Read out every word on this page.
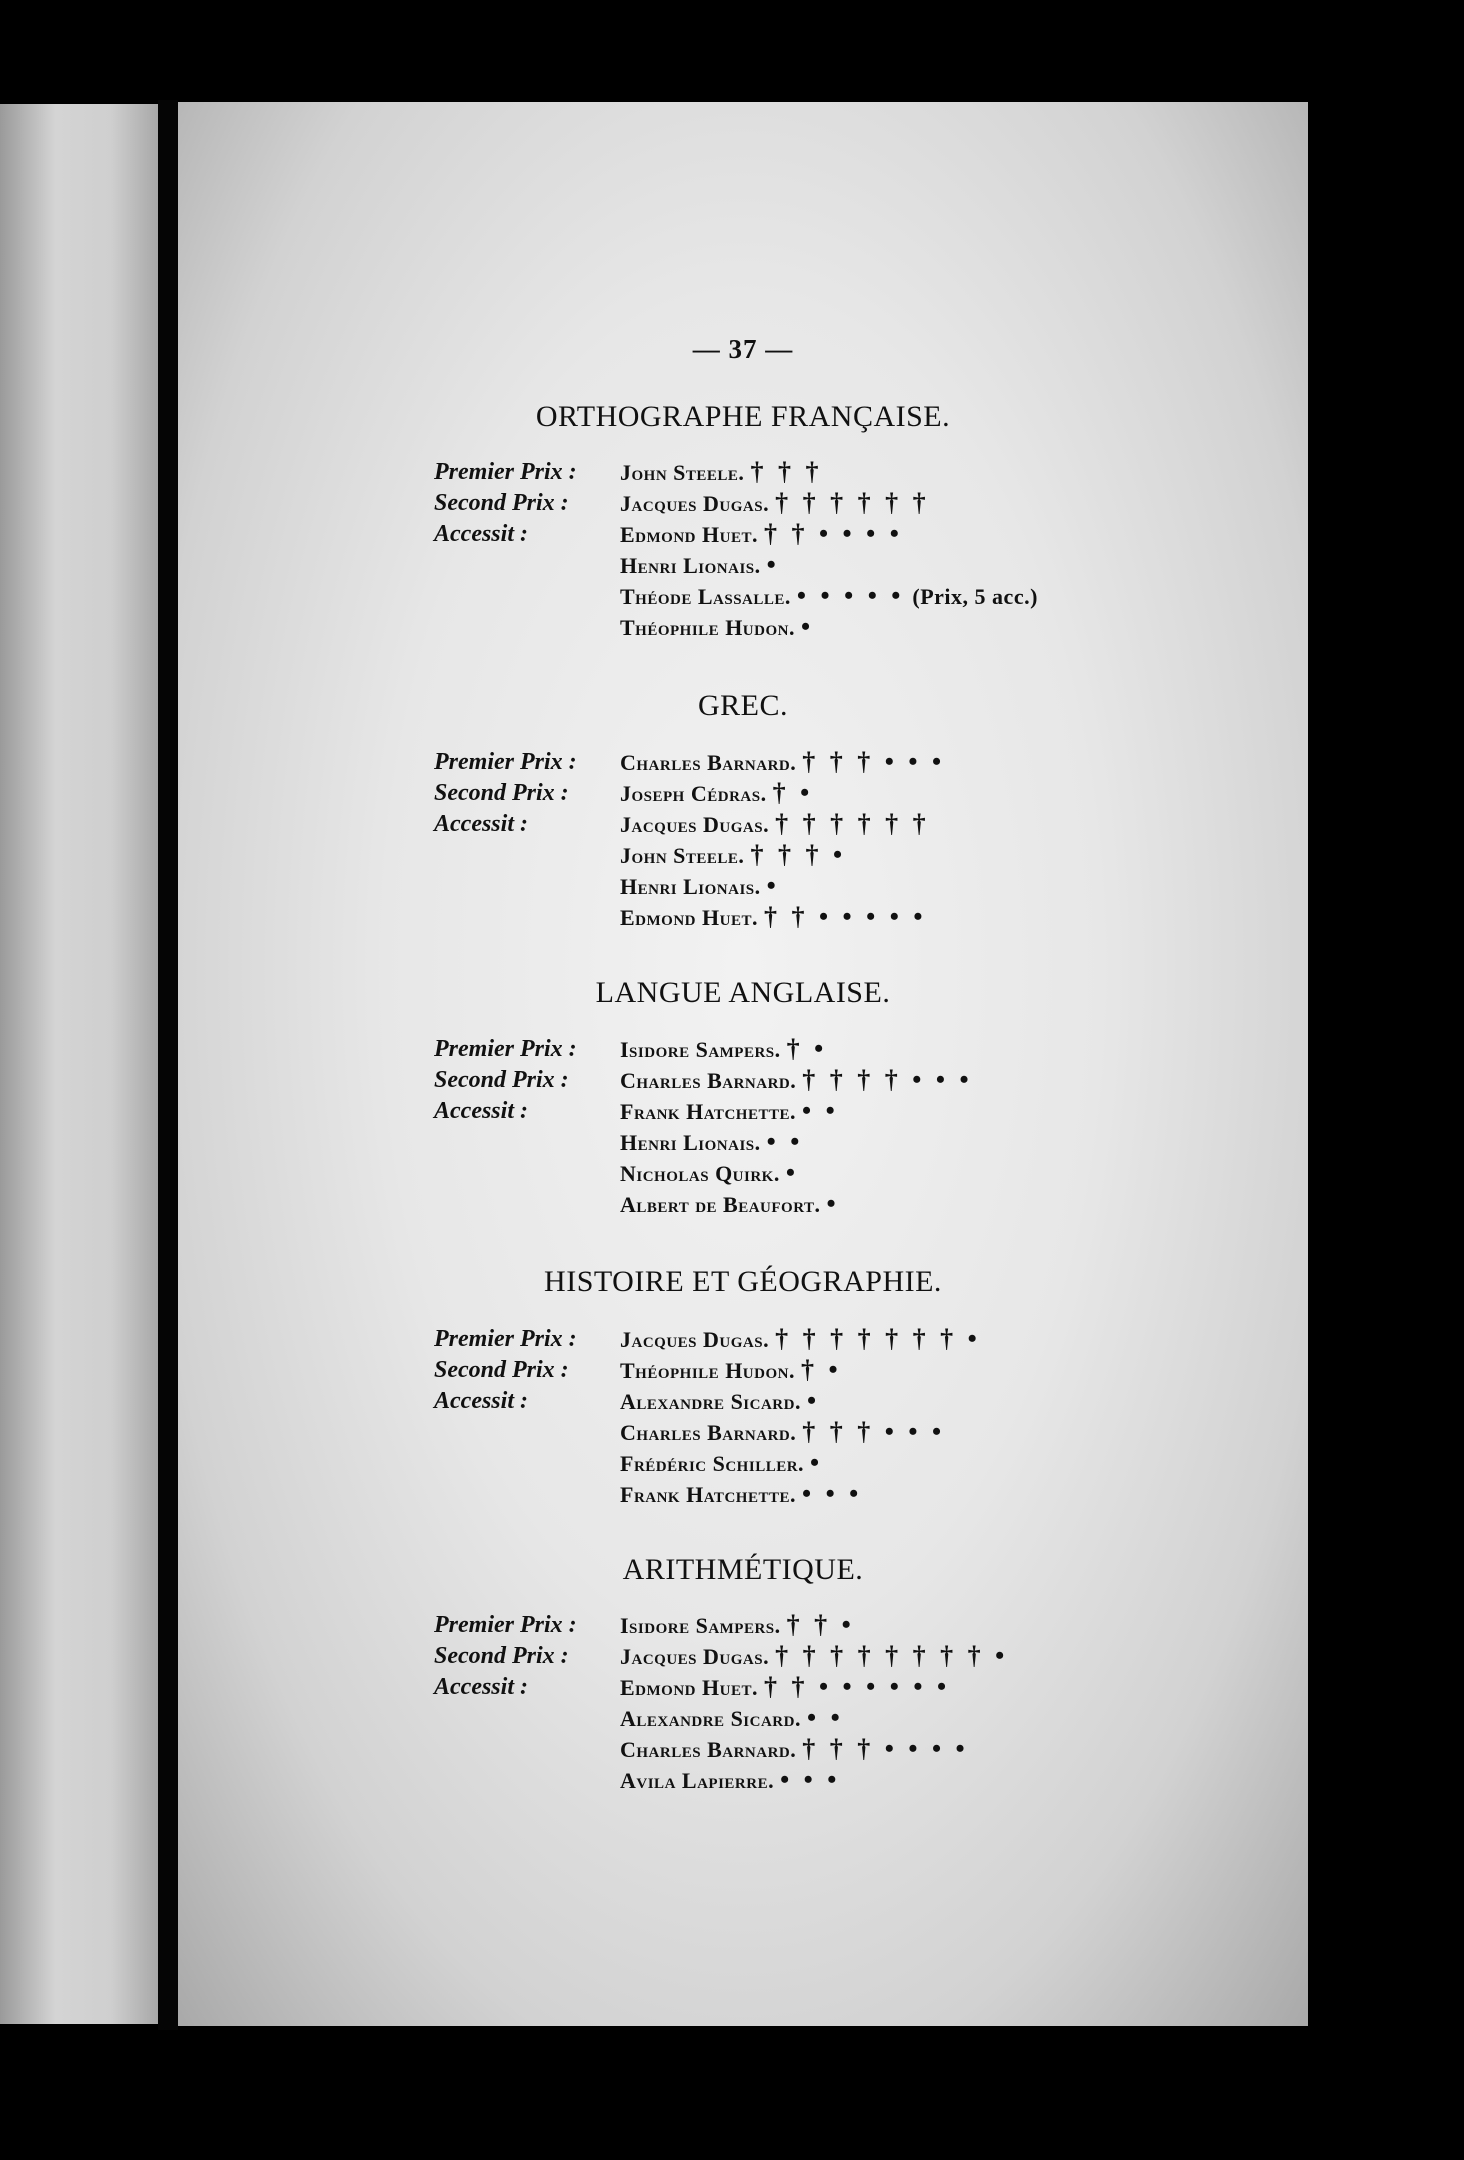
— 37 —
ORTHOGRAPHE FRANÇAISE.
Premier Prix : John Steele. † † †
Second Prix : Jacques Dugas. † † † † † †
Accessit :	Edmond Huet. † † • • • •
Henri Lionais. •
Théode Lassalle. • • • • • (Prix, 5 acc.)
Théophile Hudon. •
GREC.
Premier Prix : Charles Barnard. † † † • • •
Second Prix : Joseph Cédras. † •
Accessit :	Jacques Dugas. † † † † † †
John Steele. † † † •
Henri Lionais. •
Edmond Huet. † † • • • • •
LANGUE ANGLAISE.
Premier Prix : Isidore Sampers. † •
Second Prix : Charles Barnard. † † † † • • •
Accessit :	Frank Hatchette. • •
Henri Lionais. • •
Nicholas Quirk. •
Albert de Beaufort. •
HISTOIRE ET GÉOGRAPHIE.
Premier Prix : Jacques Dugas. † † † † † † † •
Second Prix : Théophile Hudon. † •
Accessit :	Alexandre Sicard. •
Charles Barnard. † † † • • •
Frédéric Schiller. •
Frank Hatchette. • • •
ARITHMÉTIQUE.
Premier Prix : Isidore Sampers. † † •
Second Prix : Jacques Dugas. † † † † † † † † •
Accessit :	Edmond Huet. † † • • • • • •
Alexandre Sicard. • •
Charles Barnard. † † † • • • •
Avila Lapierre. • • •
